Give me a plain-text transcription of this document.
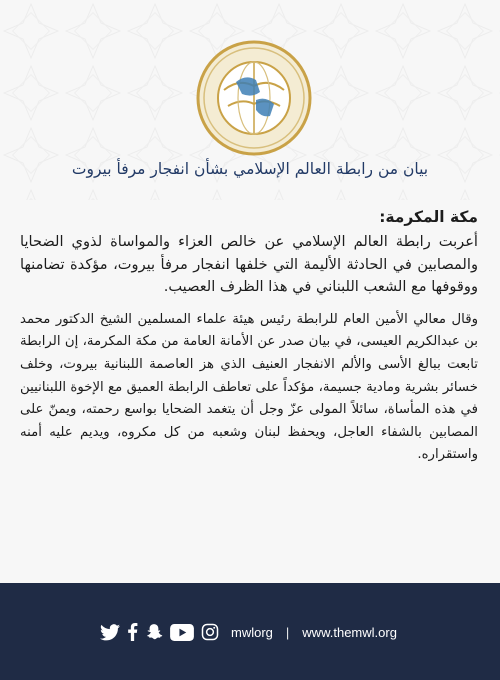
بيان من رابطة العالم الإسلامي بشأن انفجار مرفأ بيروت
مكة المكرمة:

أعربت رابطة العالم الإسلامي عن خالص العزاء والمواساة لذوي الضحايا والمصابين في الحادثة الأليمة التي خلفها انفجار مرفأ بيروت، مؤكدة تضامنها ووقوفها مع الشعب اللبناني في هذا الظرف العصيب.

وقال معالي الأمين العام للرابطة رئيس هيئة علماء المسلمين الشيخ الدكتور محمد بن عبدالكريم العيسى، في بيان صدر عن الأمانة العامة من مكة المكرمة، إن الرابطة تابعت ببالغ الأسى والألم الانفجار العنيف الذي هز العاصمة اللبنانية بيروت، وخلف خسائر بشرية ومادية جسيمة، مؤكداً على تعاطف الرابطة العميق مع الإخوة اللبنانيين في هذه المأساة، سائلاً المولى عزّ وجل أن يتغمد الضحايا بواسع رحمته، ويمنّ على المصابين بالشفاء العاجل، ويحفظ لبنان وشعبه من كل مكروه، ويديم عليه أمنه واستقراره.

mwlorg | www.themwl.org
